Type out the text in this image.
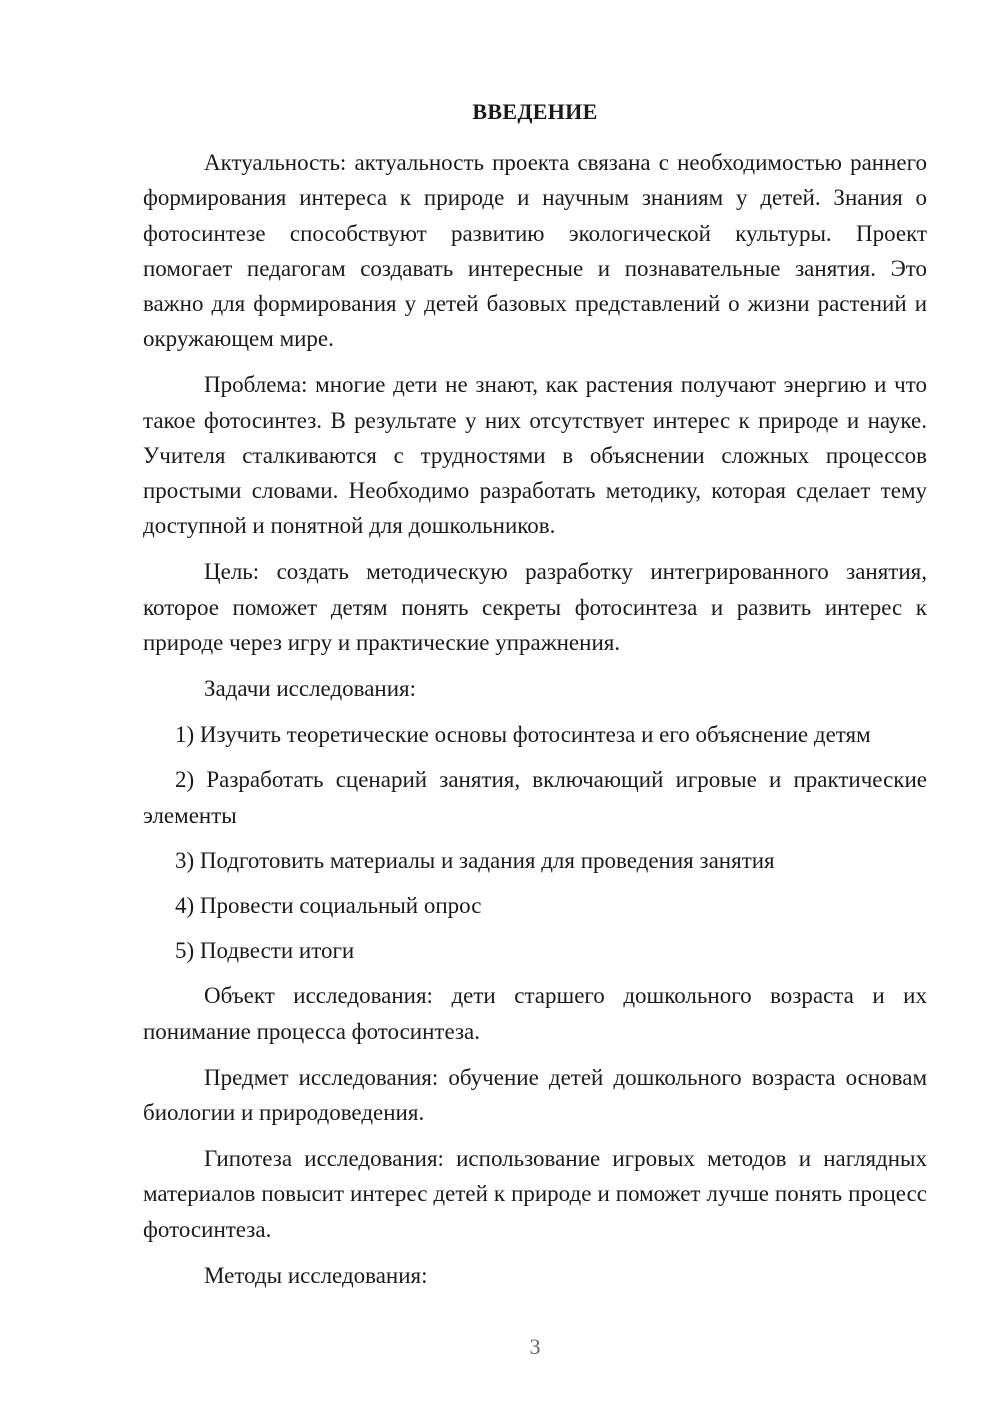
ВВЕДЕНИЕ

Актуальность: актуальность проекта связана с необходимостью раннего формирования интереса к природе и научным знаниям у детей. Знания о фотосинтезе способствуют развитию экологической культуры. Проект помогает педагогам создавать интересные и познавательные занятия. Это важно для формирования у детей базовых представлений о жизни растений и окружающем мире.

Проблема: многие дети не знают, как растения получают энергию и что такое фотосинтез. В результате у них отсутствует интерес к природе и науке. Учителя сталкиваются с трудностями в объяснении сложных процессов простыми словами. Необходимо разработать методику, которая сделает тему доступной и понятной для дошкольников.

Цель: создать методическую разработку интегрированного занятия, которое поможет детям понять секреты фотосинтеза и развить интерес к природе через игру и практические упражнения.

Задачи исследования:

1) Изучить теоретические основы фотосинтеза и его объяснение детям

2) Разработать сценарий занятия, включающий игровые и практические элементы

3) Подготовить материалы и задания для проведения занятия

4) Провести социальный опрос

5) Подвести итоги

Объект исследования: дети старшего дошкольного возраста и их понимание процесса фотосинтеза.

Предмет исследования: обучение детей дошкольного возраста основам биологии и природоведения.

Гипотеза исследования: использование игровых методов и наглядных материалов повысит интерес детей к природе и поможет лучше понять процесс фотосинтеза.

Методы исследования:

3
